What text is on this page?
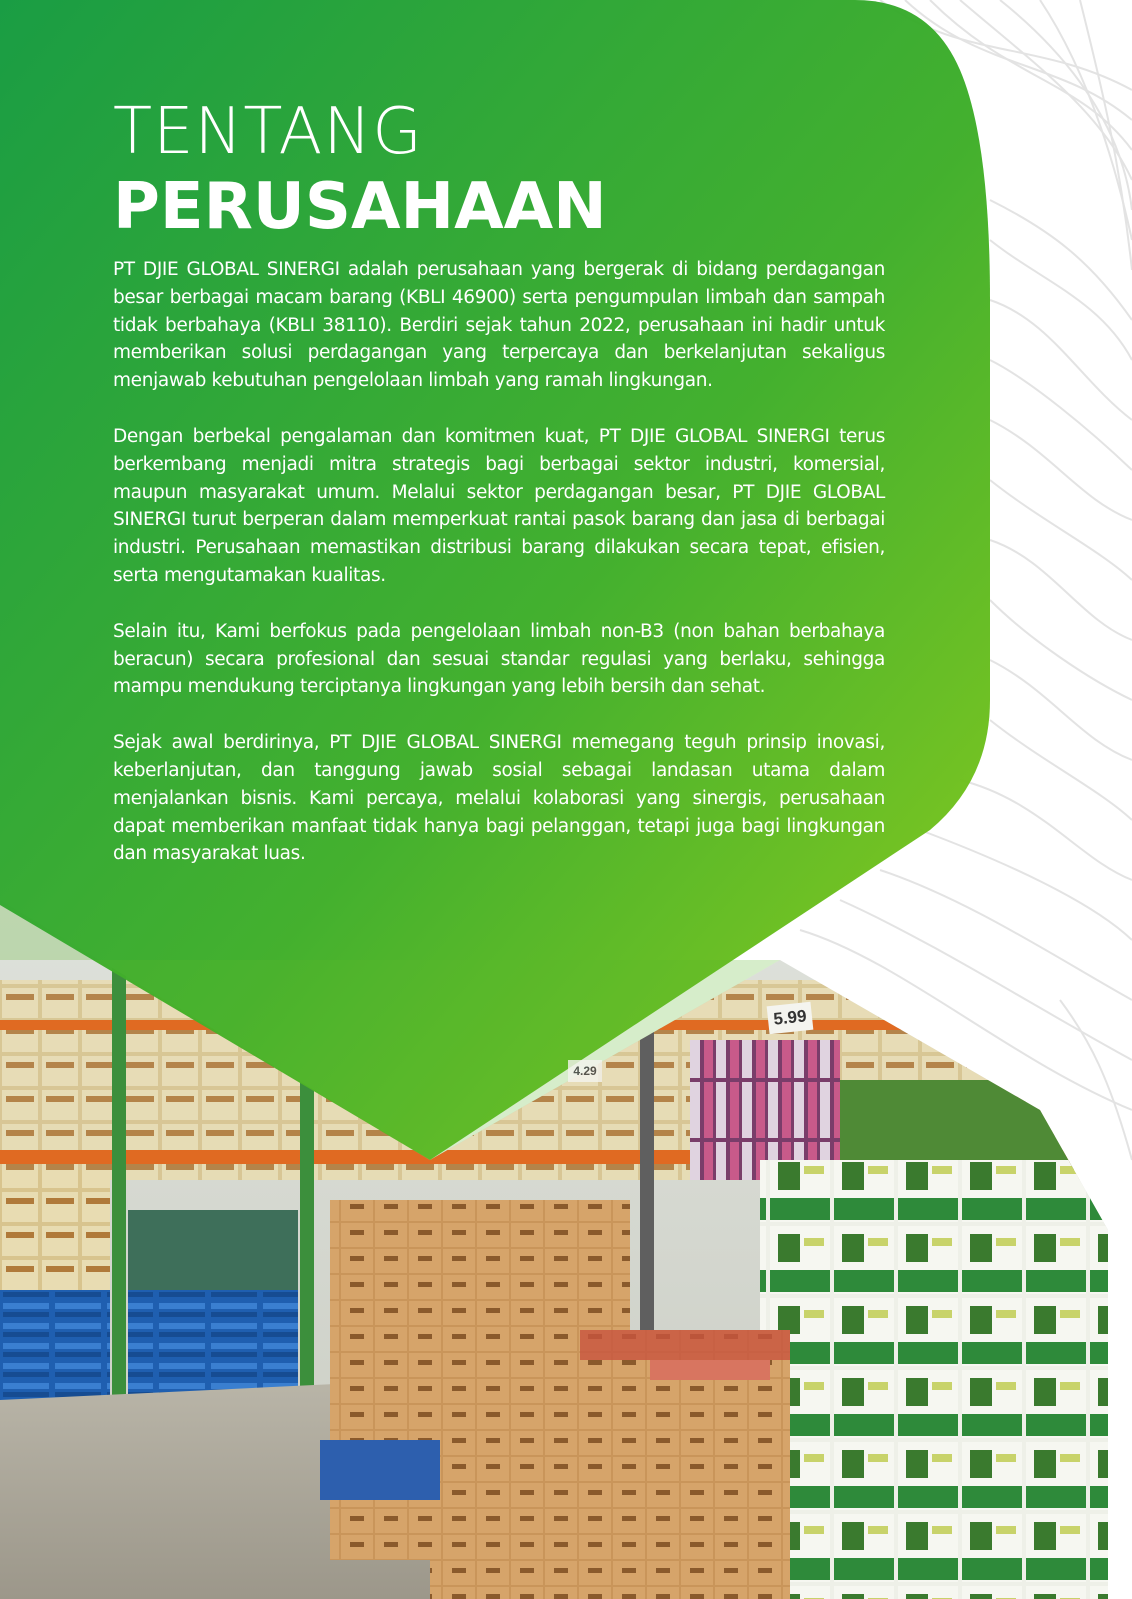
5.99
4.29
TENTANG
PERUSAHAAN

PT DJIE GLOBAL SINERGI adalah perusahaan yang bergerak di bidang perdagangan besar berbagai macam barang (KBLI 46900) serta pengumpulan limbah dan sampah tidak berbahaya (KBLI 38110). Berdiri sejak tahun 2022, perusahaan ini hadir untuk memberikan solusi perdagangan yang terpercaya dan berkelanjutan sekaligus menjawab kebutuhan pengelolaan limbah yang ramah lingkungan.

Dengan berbekal pengalaman dan komitmen kuat, PT DJIE GLOBAL SINERGI terus berkembang menjadi mitra strategis bagi berbagai sektor industri, komersial, maupun masyarakat umum. Melalui sektor perdagangan besar, PT DJIE GLOBAL SINERGI turut berperan dalam memperkuat rantai pasok barang dan jasa di berbagai industri. Perusahaan memastikan distribusi barang dilakukan secara tepat, efisien, serta mengutamakan kualitas.

Selain itu, Kami berfokus pada pengelolaan limbah non-B3 (non bahan berbahaya beracun) secara profesional dan sesuai standar regulasi yang berlaku, sehingga mampu mendukung terciptanya lingkungan yang lebih bersih dan sehat.

Sejak awal berdirinya, PT DJIE GLOBAL SINERGI memegang teguh prinsip inovasi, keberlanjutan, dan tanggung jawab sosial sebagai landasan utama dalam menjalankan bisnis. Kami percaya, melalui kolaborasi yang sinergis, perusahaan dapat memberikan manfaat tidak hanya bagi pelanggan, tetapi juga bagi lingkungan dan masyarakat luas.
